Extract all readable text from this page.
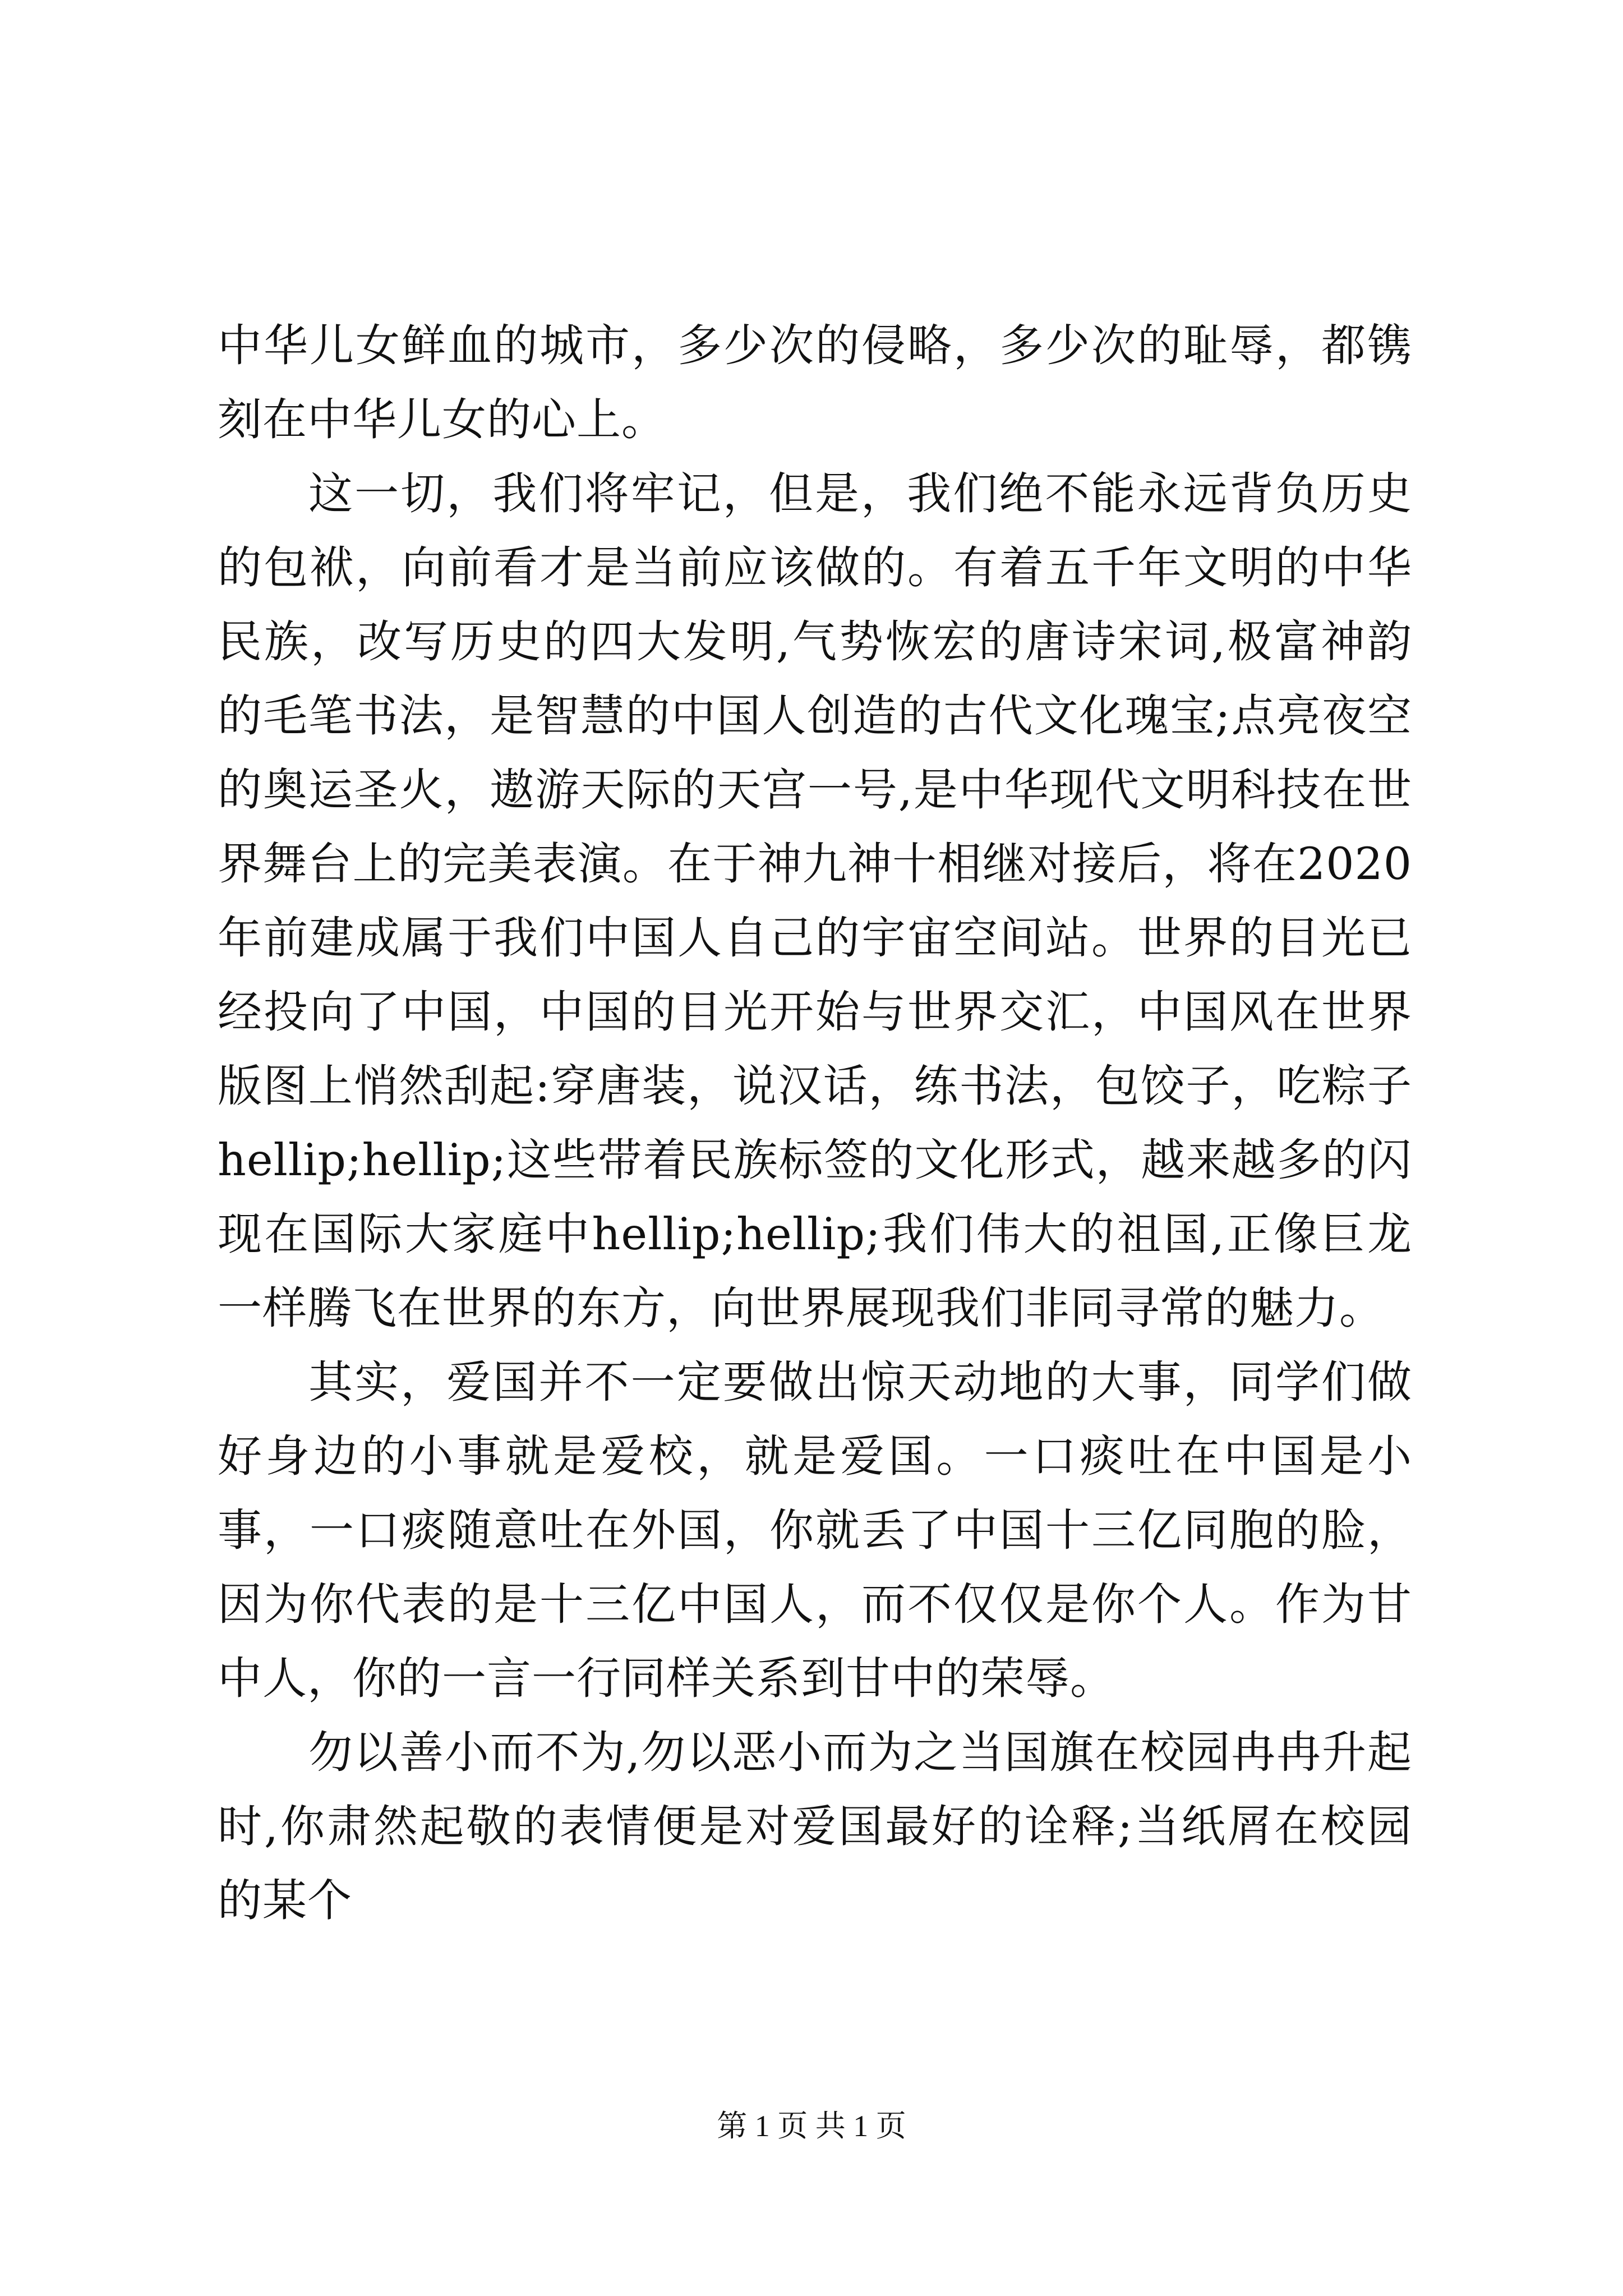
中华儿女鲜血的城市，多少次的侵略，多少次的耻辱，都镌刻在中华儿女的心上。

这一切，我们将牢记，但是，我们绝不能永远背负历史的包袱，向前看才是当前应该做的。有着五千年文明的中华民族，改写历史的四大发明,气势恢宏的唐诗宋词,极富神韵的毛笔书法，是智慧的中国人创造的古代文化瑰宝;点亮夜空的奥运圣火，遨游天际的天宫一号,是中华现代文明科技在世界舞台上的完美表演。在于神九神十相继对接后，将在2020年前建成属于我们中国人自己的宇宙空间站。世界的目光已经投向了中国，中国的目光开始与世界交汇，中国风在世界版图上悄然刮起:穿唐装，说汉话，练书法，包饺子，吃粽子hellip;hellip;这些带着民族标签的文化形式，越来越多的闪现在国际大家庭中hellip;hellip;我们伟大的祖国,正像巨龙一样腾飞在世界的东方，向世界展现我们非同寻常的魅力。

其实，爱国并不一定要做出惊天动地的大事，同学们做好身边的小事就是爱校，就是爱国。一口痰吐在中国是小事，一口痰随意吐在外国，你就丢了中国十三亿同胞的脸，因为你代表的是十三亿中国人，而不仅仅是你个人。作为甘中人，你的一言一行同样关系到甘中的荣辱。

勿以善小而不为,勿以恶小而为之当国旗在校园冉冉升起时,你肃然起敬的表情便是对爱国最好的诠释;当纸屑在校园的某个

第 1 页 共 1 页
